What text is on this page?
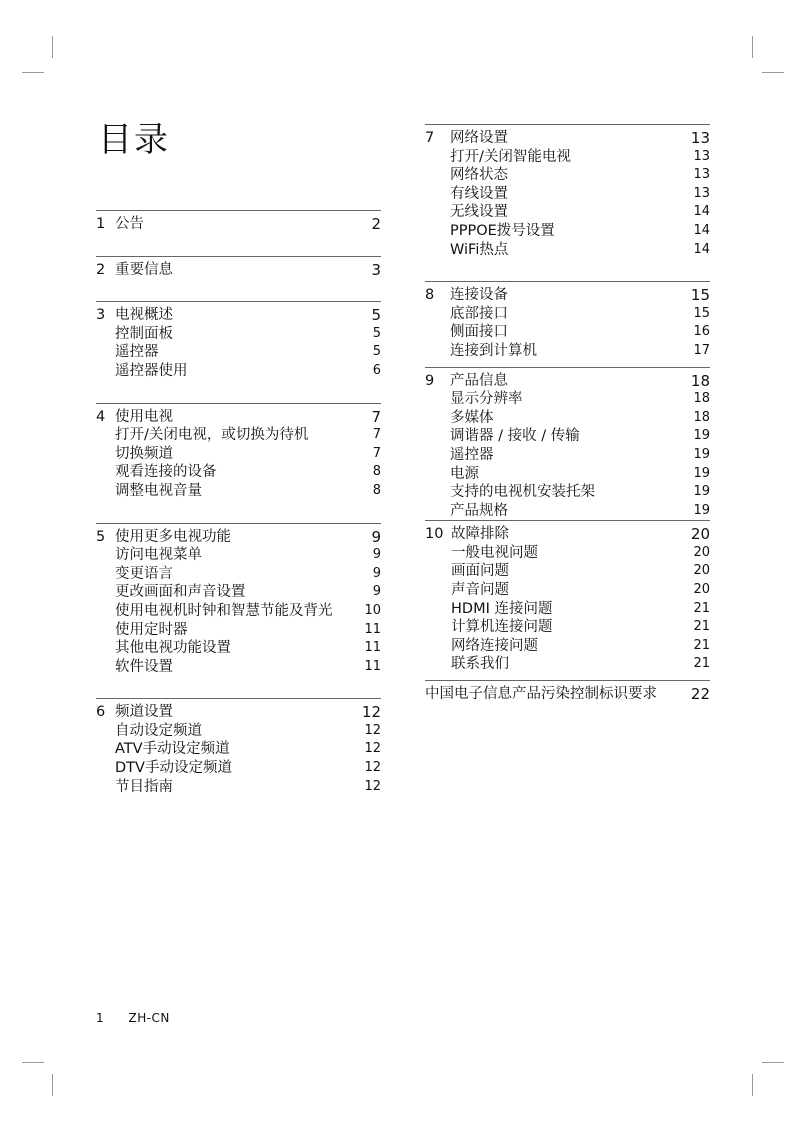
目录
1 公告	2
2 重要信息	3
3 电视概述	5
控制面板	5
遥控器	5
遥控器使用	6
4 使用电视	7
打开/关闭电视，或切换为待机	7
切换频道	7
观看连接的设备	8
调整电视音量	8
5 使用更多电视功能	9
访问电视菜单	9
变更语言	9
更改画面和声音设置	9
使用电视机时钟和智慧节能及背光 10
使用定时器	11
其他电视功能设置	11
软件设置	11
6 频道设置	12
自动设定频道	12
ATV手动设定频道	12
DTV手动设定频道	12
节目指南	12
7 网络设置	13
打开/关闭智能电视	13
网络状态	13
有线设置	13
无线设置	14
PPPOE拨号设置	14
WiFi热点	14
8 连接设备	15
底部接口	15
侧面接口	16
连接到计算机	17
9 产品信息	18
显示分辨率	18
多媒体	18
调谐器 / 接收 / 传输	19
遥控器	19
电源	19
支持的电视机安装托架	19
产品规格	19
10 故障排除	20
一般电视问题	20
画面问题	20
声音问题	20
HDMI 连接问题	21
计算机连接问题	21
网络连接问题	21
联系我们	21
中国电子信息产品污染控制标识要求 22
1 ZH-CN
